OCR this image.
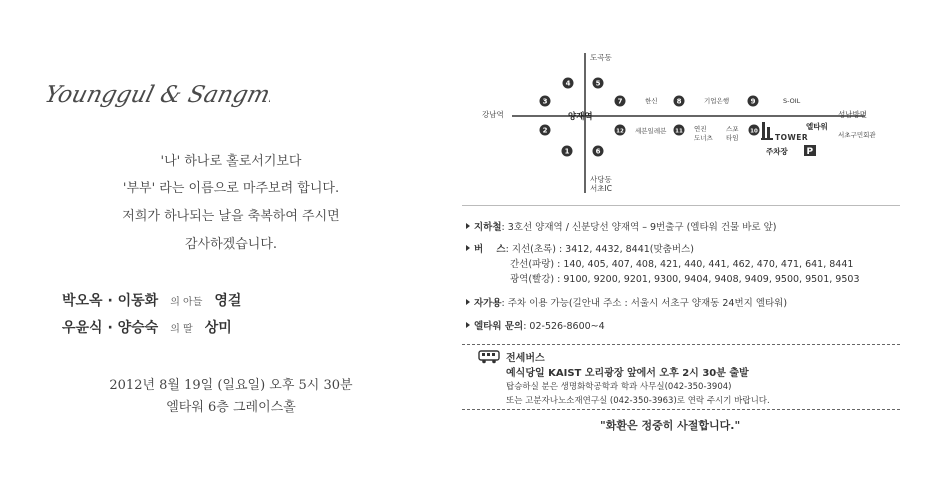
Younggul & Sangmi
'나' 하나로 홀로서기보다
'부부' 라는 이름으로 마주보려 합니다.
저희가 하나되는 날을 축복하여 주시면
감사하겠습니다.
박오옥 · 이동화 의 아들 영걸
우윤식 · 양승숙 의 딸 상미
2012년 8월 19일 (일요일) 오후 5시 30분
엘타워 6층 그레이스홀
1
2
3
4	5
6
7	8	9
10
11
12
도곡동
강남역	양재역	성남방면
서초구민회관
한신	기업은행	S-OIL
세븐일레븐	연진 도너츠
스포 타임	TOWER
엘타워
주차장 P
사당동 서초IC
지하철: 3호선 양재역 / 신분당선 양재역 – 9번출구 (엘타워 건물 바로 앞)
버    스: 지선(초록) : 3412, 4432, 8441(맞춤버스)
간선(파랑) : 140, 405, 407, 408, 421, 440, 441, 462, 470, 471, 641, 8441
광역(빨강) : 9100, 9200, 9201, 9300, 9404, 9408, 9409, 9500, 9501, 9503
자가용: 주차 이용 가능(길안내 주소 : 서울시 서초구 양재동 24번지 엘타워)
엘타워 문의: 02-526-8600~4
전세버스
예식당일 KAIST 오리광장 앞에서 오후 2시 30분 출발
탑승하실 분은 생명화학공학과 학과 사무실(042-350-3904)
또는 고분자나노소재연구실 (042-350-3963)로 연락 주시기 바랍니다.
"화환은 정중히 사절합니다."
